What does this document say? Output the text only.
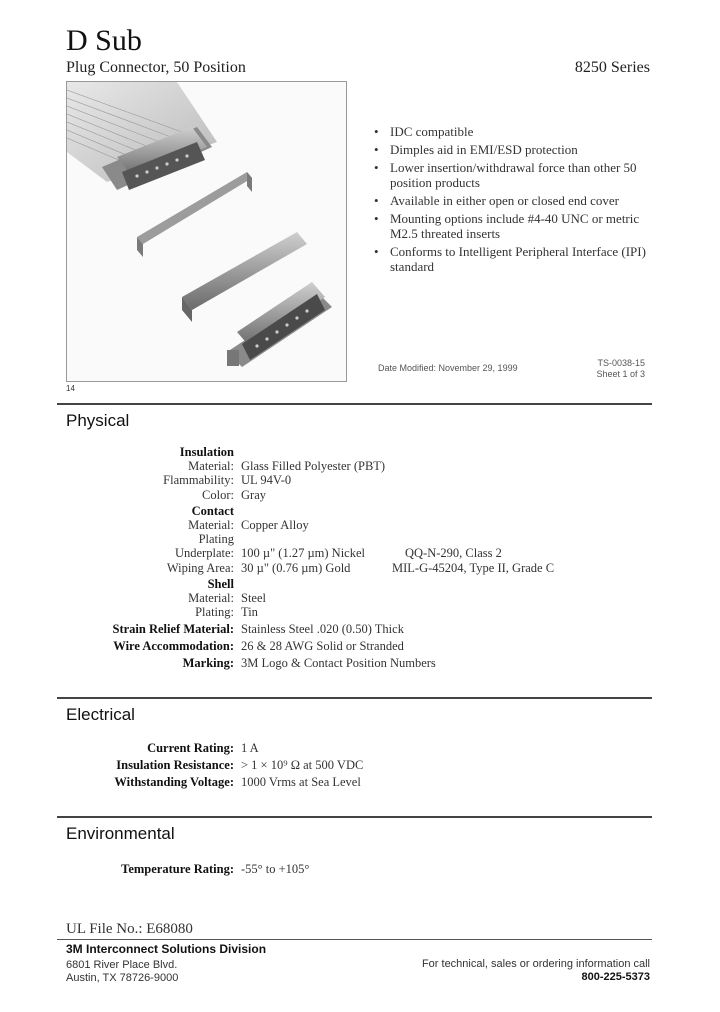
D Sub
Plug Connector, 50 Position	8250 Series
14
• IDC compatible
• Dimples aid in EMI/ESD protection
• Lower insertion/withdrawal force than other 50 position products
• Available in either open or closed end cover
• Mounting options include #4-40 UNC or metric M2.5 threated inserts
• Conforms to Intelligent Peripheral Interface (IPI) standard
Date Modified: November 29, 1999	TS-0038-15
Sheet 1 of 3
Physical
Insulation
Material: Glass Filled Polyester (PBT)
Flammability: UL 94V-0
Color: Gray
Contact
Material: Copper Alloy
Plating
Underplate: 100 µ" (1.27 µm) Nickel	QQ-N-290, Class 2
Wiping Area: 30 µ" (0.76 µm) Gold	MIL-G-45204, Type II, Grade C
Shell
Material: Steel
Plating: Tin
Strain Relief Material: Stainless Steel .020 (0.50) Thick
Wire Accommodation: 26 & 28 AWG Solid or Stranded
Marking: 3M Logo & Contact Position Numbers
Electrical
Current Rating: 1 A
Insulation Resistance: > 1 × 10⁹ Ω at 500 VDC
Withstanding Voltage: 1000 Vrms at Sea Level
Environmental
Temperature Rating: -55° to +105°
UL File No.: E68080
3M Interconnect Solutions Division
6801 River Place Blvd.
Austin, TX 78726-9000
For technical, sales or ordering information call
800-225-5373
